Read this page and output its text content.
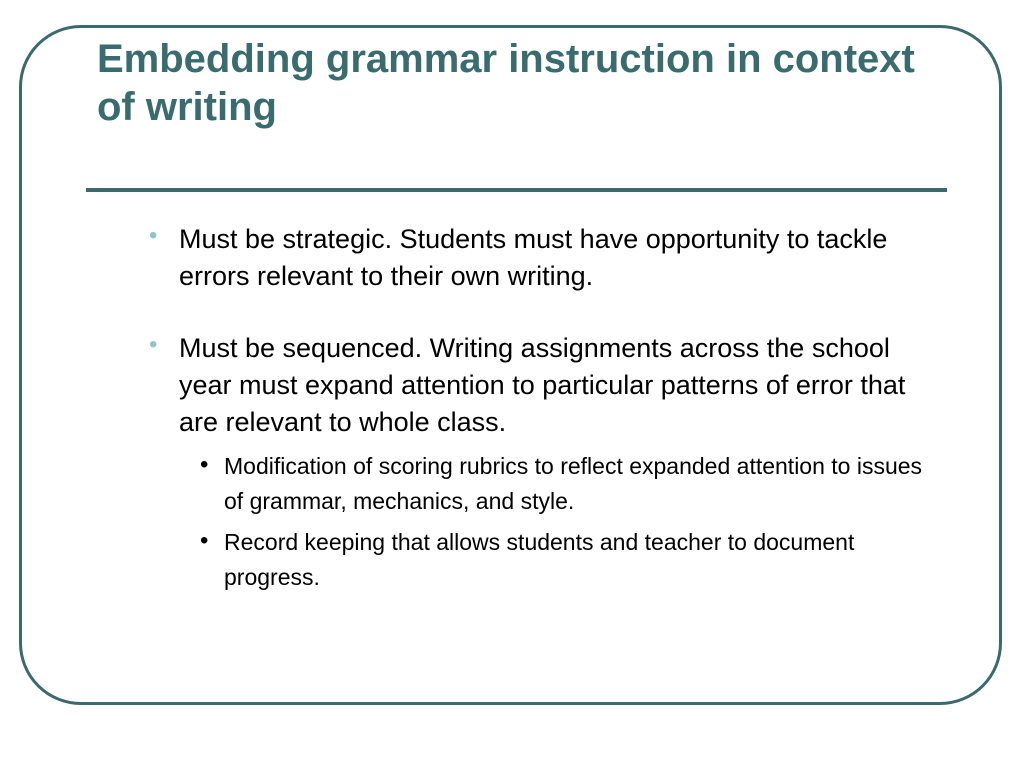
Embedding grammar instruction in context of writing
• Must be strategic. Students must have opportunity to tackle errors relevant to their own writing.
• Must be sequenced. Writing assignments across the school year must expand attention to particular patterns of error that are relevant to whole class.
• Modification of scoring rubrics to reflect expanded attention to issues of grammar, mechanics, and style.
• Record keeping that allows students and teacher to document progress.
